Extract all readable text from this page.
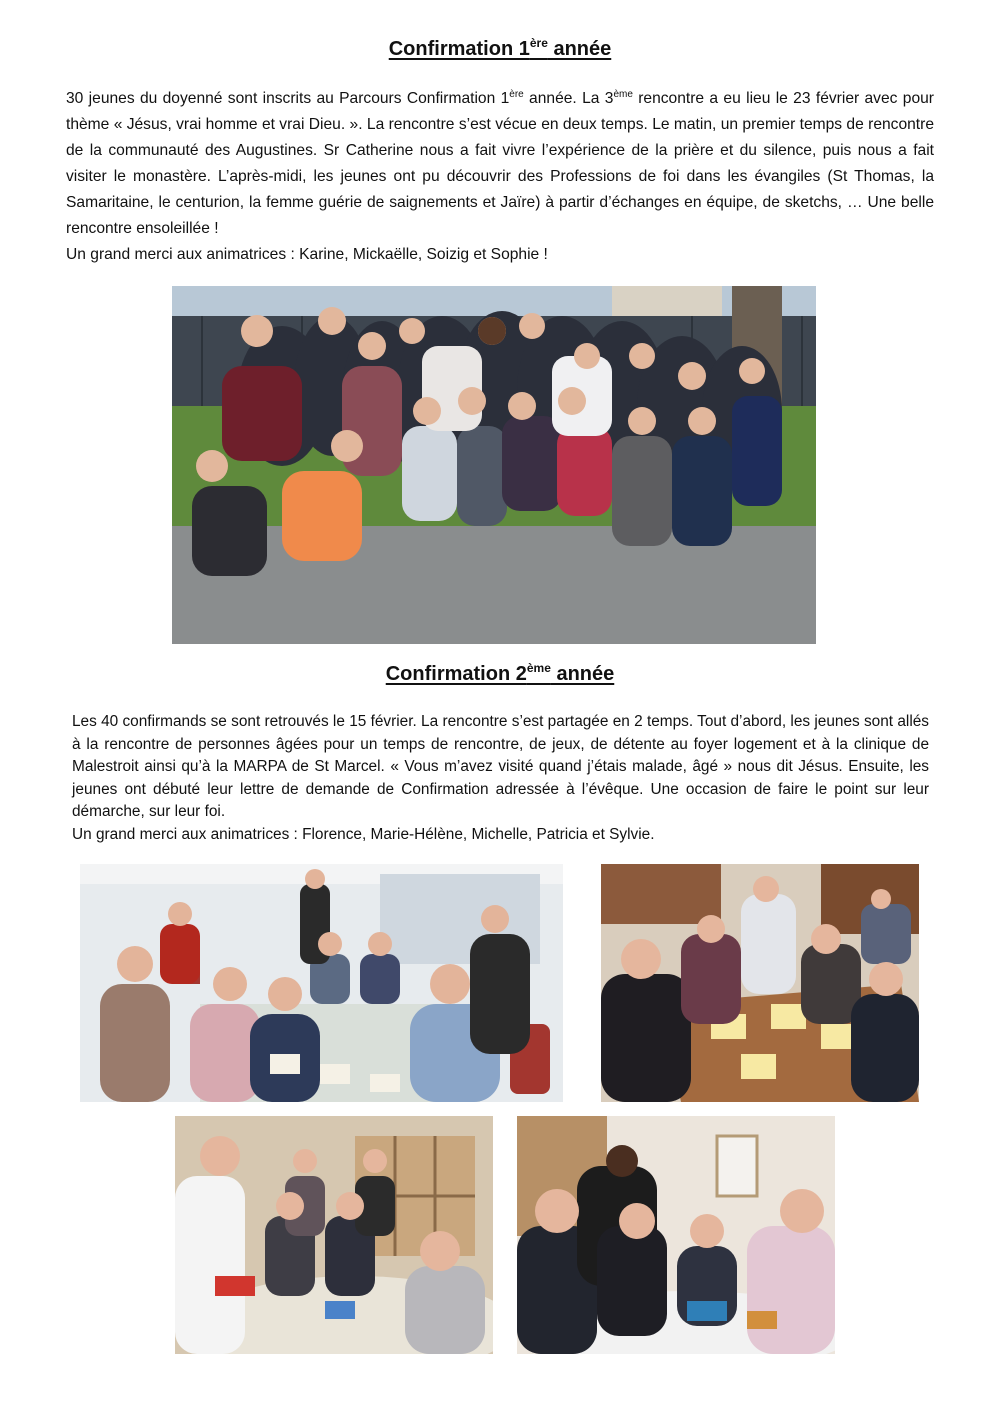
Confirmation 1ère année

30 jeunes du doyenné sont inscrits au Parcours Confirmation 1ère année. La 3ème rencontre a eu lieu le 23 février avec pour thème « Jésus, vrai homme et vrai Dieu. ». La rencontre s’est vécue en deux temps. Le matin, un premier temps de rencontre de la communauté des Augustines. Sr Catherine nous a fait vivre l’expérience de la prière et du silence, puis nous a fait visiter le monastère. L’après-midi, les jeunes ont pu découvrir des Professions de foi dans les évangiles (St Thomas, la Samaritaine, le centurion, la femme guérie de saignements et Jaïre) à partir d’échanges en équipe, de sketchs, … Une belle rencontre ensoleillée !

Un grand merci aux animatrices : Karine, Mickaëlle, Soizig et Sophie !

Confirmation 2ème année

Les 40 confirmands se sont retrouvés le 15 février. La rencontre s’est partagée en 2 temps. Tout d’abord, les jeunes sont allés à la rencontre de personnes âgées pour un temps de rencontre, de jeux, de détente au foyer logement et à la clinique de Malestroit ainsi qu’à la MARPA de St Marcel. « Vous m’avez visité quand j’étais malade, âgé » nous dit Jésus. Ensuite, les jeunes ont débuté leur lettre de demande de Confirmation adressée à l’évêque. Une occasion de faire le point sur leur démarche, sur leur foi.

Un grand merci aux animatrices : Florence, Marie-Hélène, Michelle, Patricia et Sylvie.
